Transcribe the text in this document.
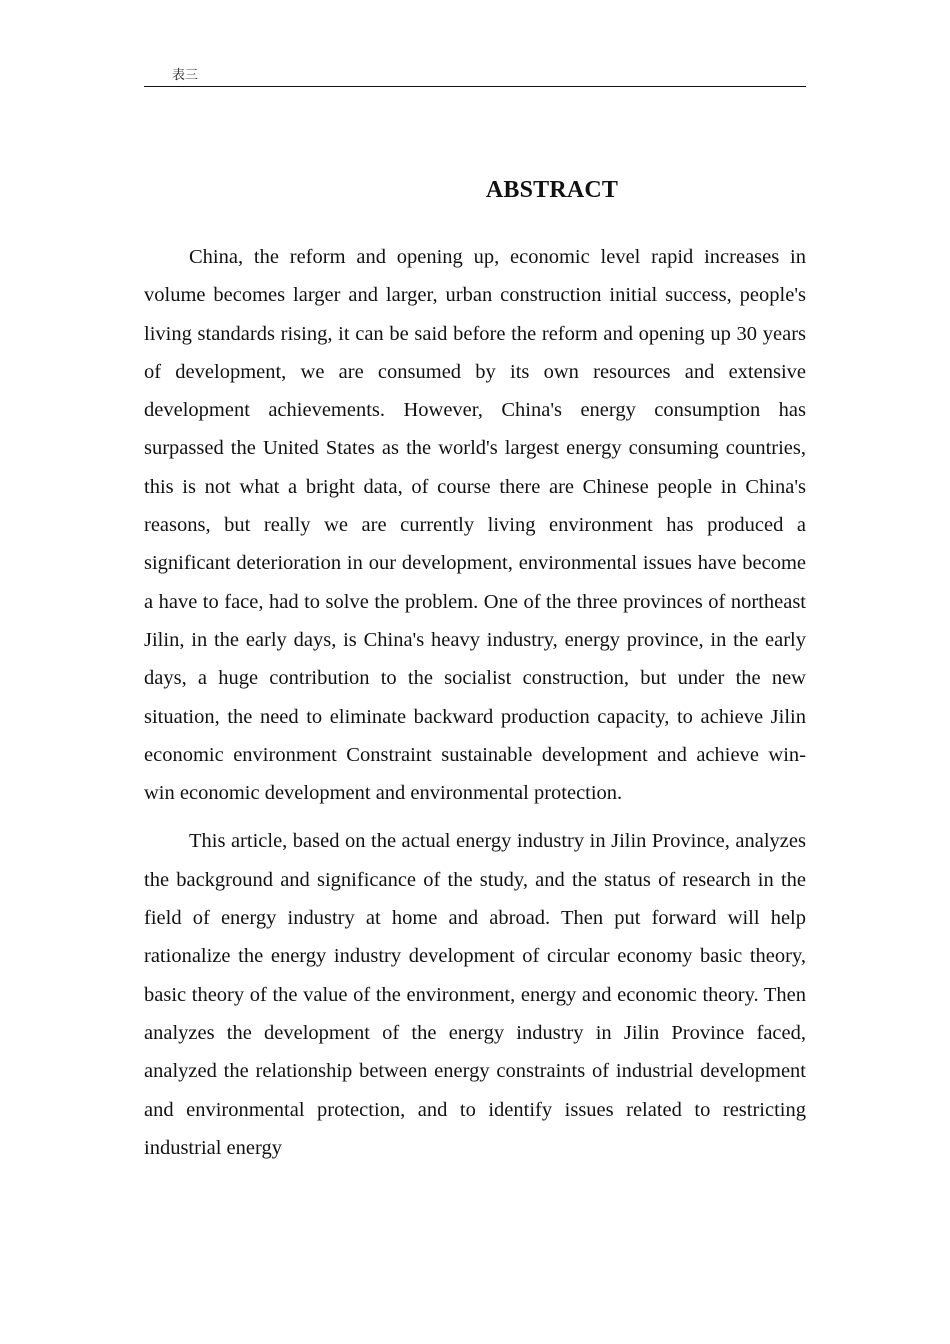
表三
ABSTRACT

China, the reform and opening up, economic level rapid increases in volume becomes larger and larger, urban construction initial success, people's living standards rising, it can be said before the reform and opening up 30 years of development, we are consumed by its own resources and extensive development achievements. However, China's energy consumption has surpassed the United States as the world's largest energy consuming countries, this is not what a bright data, of course there are Chinese people in China's reasons, but really we are currently living environment has produced a significant deterioration in our development, environmental issues have become a have to face, had to solve the problem. One of the three provinces of northeast Jilin, in the early days, is China's heavy industry, energy province, in the early days, a huge contribution to the socialist construction, but under the new situation, the need to eliminate backward production capacity, to achieve Jilin economic environment Constraint sustainable development and achieve win-win economic development and environmental protection.

This article, based on the actual energy industry in Jilin Province, analyzes the background and significance of the study, and the status of research in the field of energy industry at home and abroad. Then put forward will help rationalize the energy industry development of circular economy basic theory, basic theory of the value of the environment, energy and economic theory. Then analyzes the development of the energy industry in Jilin Province faced, analyzed the relationship between energy constraints of industrial development and environmental protection, and to identify issues related to restricting industrial energy
